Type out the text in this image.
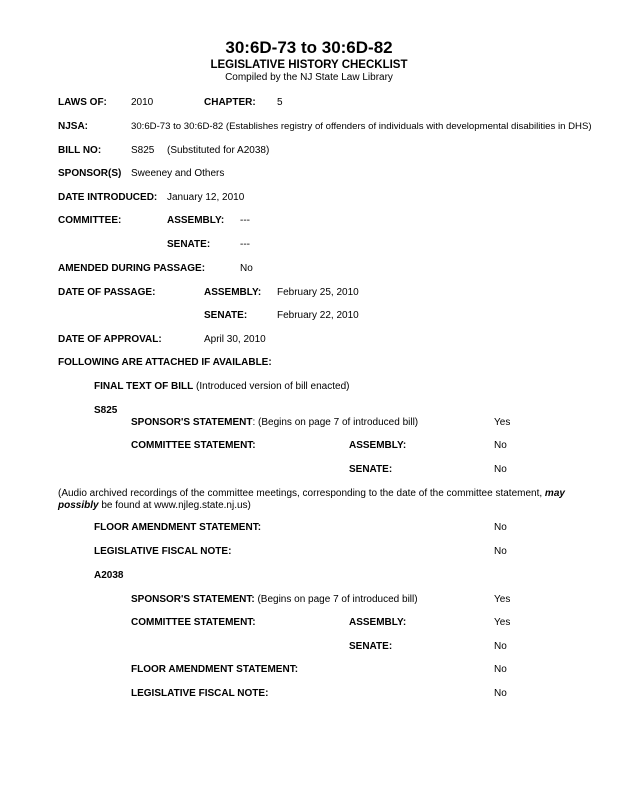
30:6D-73 to 30:6D-82
LEGISLATIVE HISTORY CHECKLIST
Compiled by the NJ State Law Library
LAWS OF: 2010	CHAPTER: 5
NJSA:	30:6D-73 to 30:6D-82 (Establishes registry of offenders of individuals with developmental disabilities in DHS)
BILL NO:	S825 (Substituted for A2038)
SPONSOR(S) Sweeney and Others
DATE INTRODUCED: January 12, 2010
COMMITTEE:	ASSEMBLY: ---
SENATE:	---
AMENDED DURING PASSAGE:	No
DATE OF PASSAGE:	ASSEMBLY: February 25, 2010
SENATE:	February 22, 2010
DATE OF APPROVAL:	April 30, 2010
FOLLOWING ARE ATTACHED IF AVAILABLE:
FINAL TEXT OF BILL (Introduced version of bill enacted)
S825
SPONSOR'S STATEMENT: (Begins on page 7 of introduced bill)	Yes
COMMITTEE STATEMENT:	ASSEMBLY:	No
SENATE:	No
(Audio archived recordings of the committee meetings, corresponding to the date of the committee statement, may possibly be found at www.njleg.state.nj.us)
FLOOR AMENDMENT STATEMENT:	No
LEGISLATIVE FISCAL NOTE:	No
A2038
SPONSOR'S STATEMENT: (Begins on page 7 of introduced bill)	Yes
COMMITTEE STATEMENT:	ASSEMBLY:	Yes
SENATE:	No
FLOOR AMENDMENT STATEMENT:	No
LEGISLATIVE FISCAL NOTE:	No
